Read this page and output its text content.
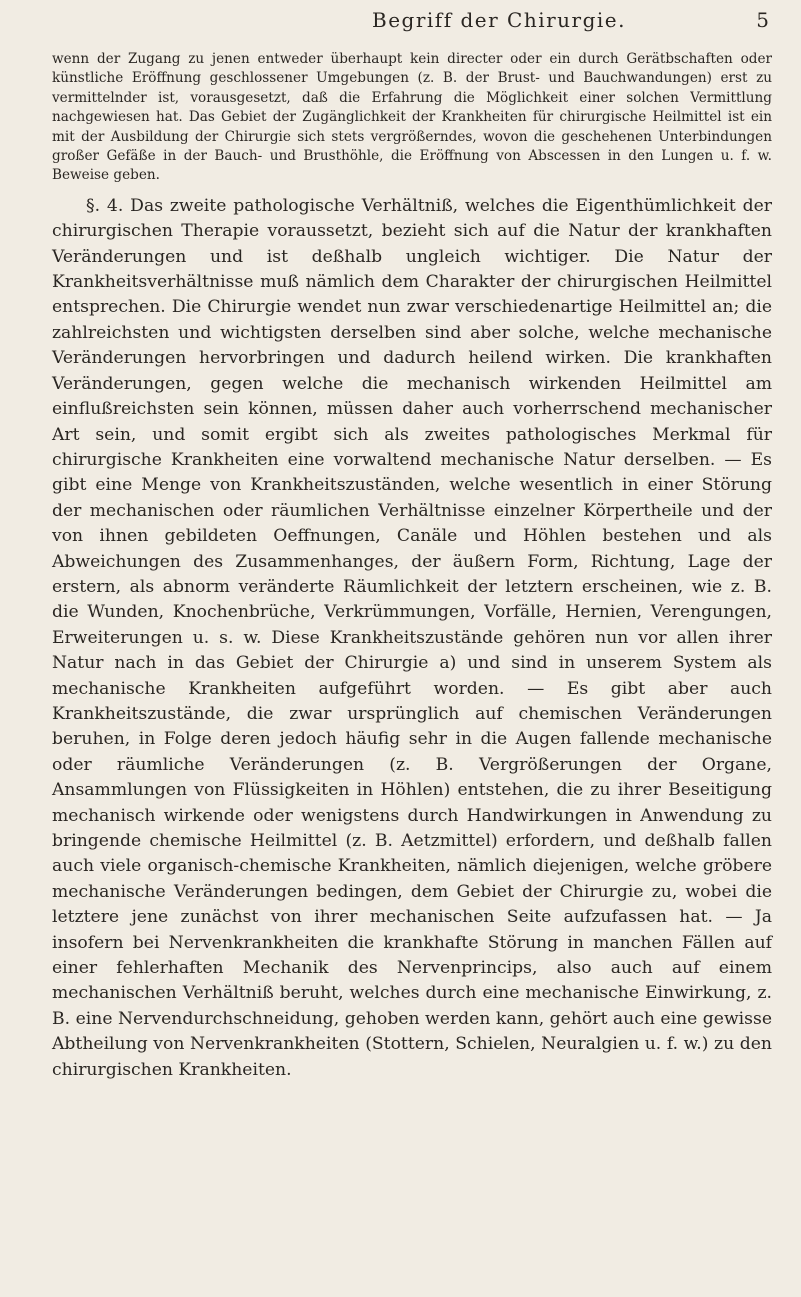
Begriff der Chirurgie.	5

wenn der Zugang zu jenen entweder überhaupt kein directer oder ein durch Gerätbschaften oder künstliche Eröffnung geschlossener Umgebungen (z. B. der Brust- und Bauchwandungen) erst zu vermittelnder ist, vorausgesetzt, daß die Erfahrung die Möglichkeit einer solchen Vermittlung nachgewiesen hat. Das Gebiet der Zugänglichkeit der Krankheiten für chirurgische Heilmittel ist ein mit der Ausbildung der Chirurgie sich stets vergrößerndes, wovon die geschehenen Unterbindungen großer Gefäße in der Bauch- und Brusthöhle, die Eröffnung von Abscessen in den Lungen u. f. w. Beweise geben.

§. 4. Das zweite pathologische Verhältniß, welches die Eigenthümlichkeit der chirurgischen Therapie voraussetzt, bezieht sich auf die Natur der krankhaften Veränderungen und ist deßhalb ungleich wichtiger. Die Natur der Krankheitsverhältnisse muß nämlich dem Charakter der chirurgischen Heilmittel entsprechen. Die Chirurgie wendet nun zwar verschiedenartige Heilmittel an; die zahlreichsten und wichtigsten derselben sind aber solche, welche mechanische Veränderungen hervorbringen und dadurch heilend wirken. Die krankhaften Veränderungen, gegen welche die mechanisch wirkenden Heilmittel am einflußreichsten sein können, müssen daher auch vorherrschend mechanischer Art sein, und somit ergibt sich als zweites pathologisches Merkmal für chirurgische Krankheiten eine vorwaltend mechanische Natur derselben. — Es gibt eine Menge von Krankheitszuständen, welche wesentlich in einer Störung der mechanischen oder räumlichen Verhältnisse einzelner Körpertheile und der von ihnen gebildeten Oeffnungen, Canäle und Höhlen bestehen und als Abweichungen des Zusammenhanges, der äußern Form, Richtung, Lage der erstern, als abnorm veränderte Räumlichkeit der letztern erscheinen, wie z. B. die Wunden, Knochenbrüche, Verkrümmungen, Vorfälle, Hernien, Verengungen, Erweiterungen u. s. w. Diese Krankheitszustände gehören nun vor allen ihrer Natur nach in das Gebiet der Chirurgie a) und sind in unserem System als mechanische Krankheiten aufgeführt worden. — Es gibt aber auch Krankheitszustände, die zwar ursprünglich auf chemischen Veränderungen beruhen, in Folge deren jedoch häufig sehr in die Augen fallende mechanische oder räumliche Veränderungen (z. B. Vergrößerungen der Organe, Ansammlungen von Flüssigkeiten in Höhlen) entstehen, die zu ihrer Beseitigung mechanisch wirkende oder wenigstens durch Handwirkungen in Anwendung zu bringende chemische Heilmittel (z. B. Aetzmittel) erfordern, und deßhalb fallen auch viele organisch-chemische Krankheiten, nämlich diejenigen, welche gröbere mechanische Veränderungen bedingen, dem Gebiet der Chirurgie zu, wobei die letztere jene zunächst von ihrer mechanischen Seite aufzufassen hat. — Ja insofern bei Nervenkrankheiten die krankhafte Störung in manchen Fällen auf einer fehlerhaften Mechanik des Nervenprincips, also auch auf einem mechanischen Verhältniß beruht, welches durch eine mechanische Einwirkung, z. B. eine Nervendurchschneidung, gehoben werden kann, gehört auch eine gewisse Abtheilung von Nervenkrankheiten (Stottern, Schielen, Neuralgien u. f. w.) zu den chirurgischen Krankheiten.
